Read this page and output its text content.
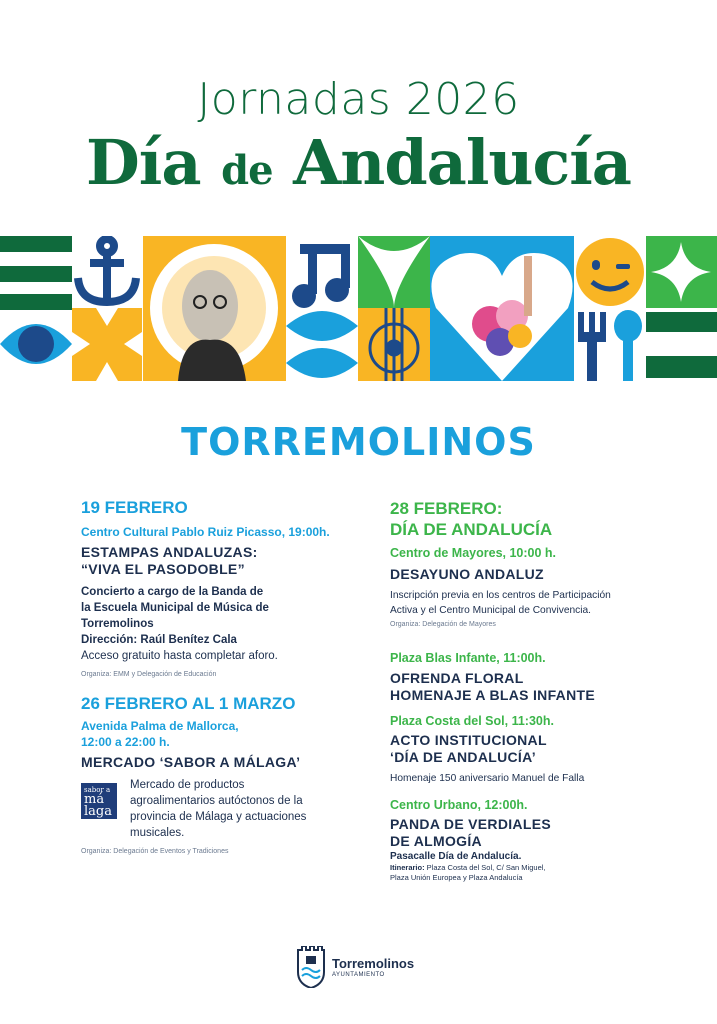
Jornadas 2026
Día de Andalucía
TORREMOLINOS
19 FEBRERO
Centro Cultural Pablo Ruiz Picasso, 19:00h.
ESTAMPAS ANDALUZAS:
“VIVA EL PASODOBLE”
Concierto a cargo de la Banda de
la Escuela Municipal de Música de
Torremolinos
Dirección: Raúl Benítez Cala
Acceso gratuito hasta completar aforo.
Organiza: EMM y Delegación de Educación
26 FEBRERO AL 1 MARZO
Avenida Palma de Mallorca,
12:00 a 22:00 h.
MERCADO ‘SABOR A MÁLAGA’
sabor a
má
laga
Mercado de productos
agroalimentarios autóctonos de la
provincia de Málaga y actuaciones
musicales.
Organiza: Delegación de Eventos y Tradiciones
28 FEBRERO:
DÍA DE ANDALUCÍA
Centro de Mayores, 10:00 h.
DESAYUNO ANDALUZ
Inscripción previa en los centros de Participación
Activa y el Centro Municipal de Convivencia.
Organiza: Delegación de Mayores
Plaza Blas Infante, 11:00h.
OFRENDA FLORAL
HOMENAJE A BLAS INFANTE
Plaza Costa del Sol, 11:30h.
ACTO INSTITUCIONAL
‘DÍA DE ANDALUCÍA’
Homenaje 150 aniversario Manuel de Falla
Centro Urbano, 12:00h.
PANDA DE VERDIALES
DE ALMOGÍA
Pasacalle Día de Andalucía.
Itinerario: Plaza Costa del Sol, C/ San Miguel,
Plaza Unión Europea y Plaza Andalucía
Torremolinos
AYUNTAMIENTO
